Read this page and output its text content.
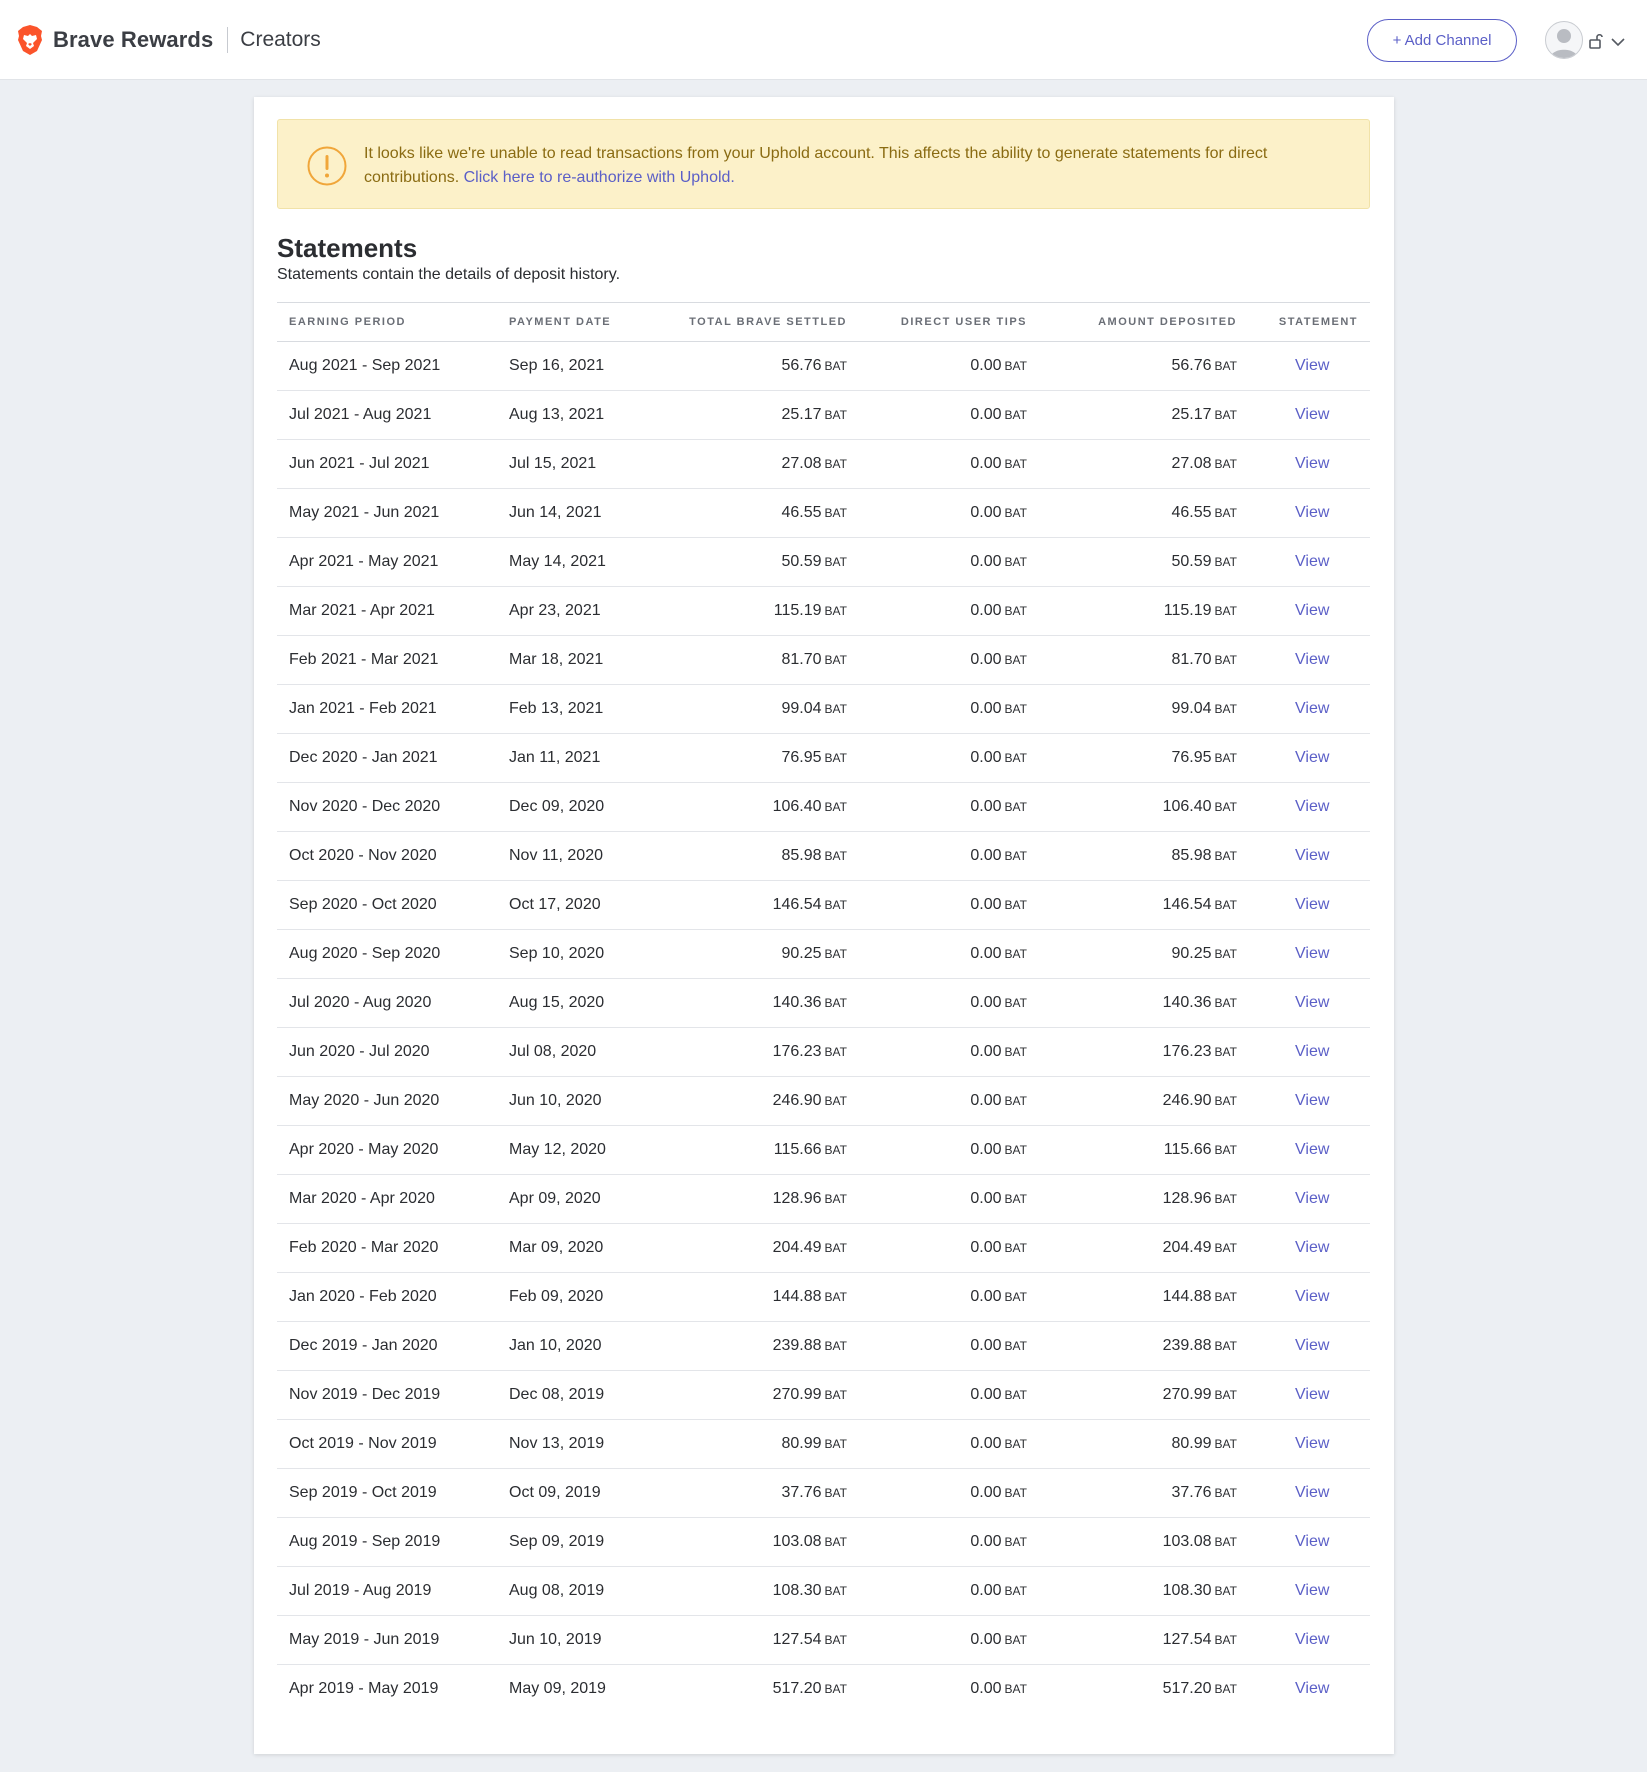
Brave Rewards Creators	+ Add Channel
It looks like we're unable to read transactions from your Uphold account. This affects the ability to generate statements for direct contributions. Click here to re-authorize with Uphold.
Statements
Statements contain the details of deposit history.
EARNING PERIOD	PAYMENT DATE	TOTAL BRAVE SETTLED	DIRECT USER TIPS	AMOUNT DEPOSITED	STATEMENT
Aug 2021 - Sep 2021	Sep 16, 2021	56.76 BAT	0.00 BAT	56.76 BAT	View
Jul 2021 - Aug 2021	Aug 13, 2021	25.17 BAT	0.00 BAT	25.17 BAT	View
Jun 2021 - Jul 2021	Jul 15, 2021	27.08 BAT	0.00 BAT	27.08 BAT	View
May 2021 - Jun 2021	Jun 14, 2021	46.55 BAT	0.00 BAT	46.55 BAT	View
Apr 2021 - May 2021	May 14, 2021	50.59 BAT	0.00 BAT	50.59 BAT	View
Mar 2021 - Apr 2021	Apr 23, 2021	115.19 BAT	0.00 BAT	115.19 BAT	View
Feb 2021 - Mar 2021	Mar 18, 2021	81.70 BAT	0.00 BAT	81.70 BAT	View
Jan 2021 - Feb 2021	Feb 13, 2021	99.04 BAT	0.00 BAT	99.04 BAT	View
Dec 2020 - Jan 2021	Jan 11, 2021	76.95 BAT	0.00 BAT	76.95 BAT	View
Nov 2020 - Dec 2020	Dec 09, 2020	106.40 BAT	0.00 BAT	106.40 BAT	View
Oct 2020 - Nov 2020	Nov 11, 2020	85.98 BAT	0.00 BAT	85.98 BAT	View
Sep 2020 - Oct 2020	Oct 17, 2020	146.54 BAT	0.00 BAT	146.54 BAT	View
Aug 2020 - Sep 2020	Sep 10, 2020	90.25 BAT	0.00 BAT	90.25 BAT	View
Jul 2020 - Aug 2020	Aug 15, 2020	140.36 BAT	0.00 BAT	140.36 BAT	View
Jun 2020 - Jul 2020	Jul 08, 2020	176.23 BAT	0.00 BAT	176.23 BAT	View
May 2020 - Jun 2020	Jun 10, 2020	246.90 BAT	0.00 BAT	246.90 BAT	View
Apr 2020 - May 2020	May 12, 2020	115.66 BAT	0.00 BAT	115.66 BAT	View
Mar 2020 - Apr 2020	Apr 09, 2020	128.96 BAT	0.00 BAT	128.96 BAT	View
Feb 2020 - Mar 2020	Mar 09, 2020	204.49 BAT	0.00 BAT	204.49 BAT	View
Jan 2020 - Feb 2020	Feb 09, 2020	144.88 BAT	0.00 BAT	144.88 BAT	View
Dec 2019 - Jan 2020	Jan 10, 2020	239.88 BAT	0.00 BAT	239.88 BAT	View
Nov 2019 - Dec 2019	Dec 08, 2019	270.99 BAT	0.00 BAT	270.99 BAT	View
Oct 2019 - Nov 2019	Nov 13, 2019	80.99 BAT	0.00 BAT	80.99 BAT	View
Sep 2019 - Oct 2019	Oct 09, 2019	37.76 BAT	0.00 BAT	37.76 BAT	View
Aug 2019 - Sep 2019	Sep 09, 2019	103.08 BAT	0.00 BAT	103.08 BAT	View
Jul 2019 - Aug 2019	Aug 08, 2019	108.30 BAT	0.00 BAT	108.30 BAT	View
May 2019 - Jun 2019	Jun 10, 2019	127.54 BAT	0.00 BAT	127.54 BAT	View
Apr 2019 - May 2019	May 09, 2019	517.20 BAT	0.00 BAT	517.20 BAT	View
